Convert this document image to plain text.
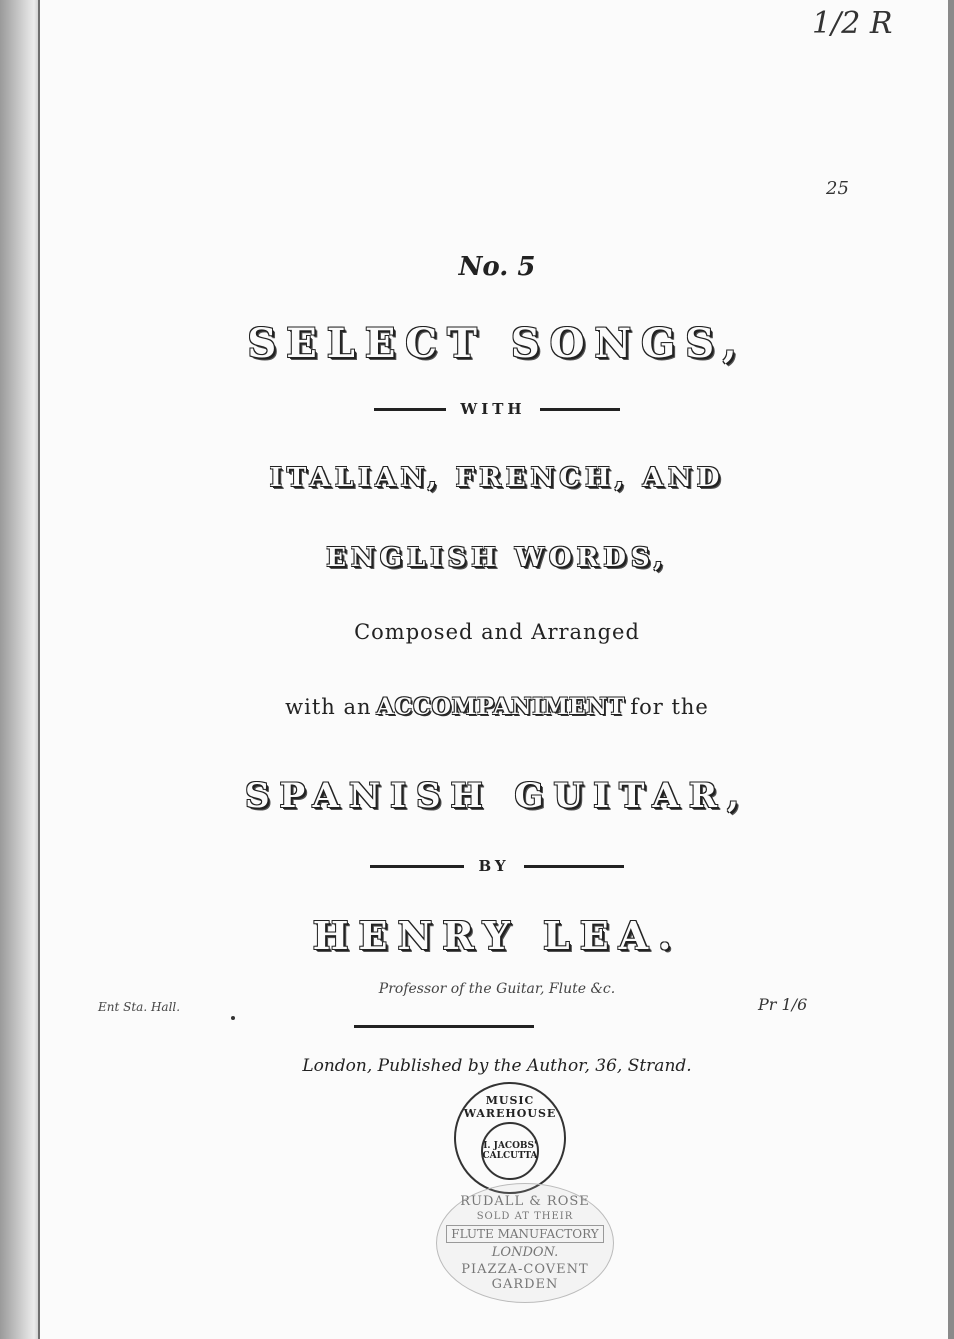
1/2 R
25
No. 5
SELECT SONGS,
WITH
ITALIAN, FRENCH, AND
ENGLISH WORDS,
Composed and Arranged
with an ACCOMPANIMENT for the
SPANISH GUITAR,
BY
HENRY LEA.
Professor of the Guitar, Flute &c.
Ent Sta. Hall.	Pr 1/6
London, Published by the Author, 36, Strand.
MUSIC WAREHOUSE
I. JACOBS'
CALCUTTA
RUDALL & ROSE
SOLD AT THEIR
FLUTE MANUFACTORY
LONDON.
PIAZZA-COVENT GARDEN
